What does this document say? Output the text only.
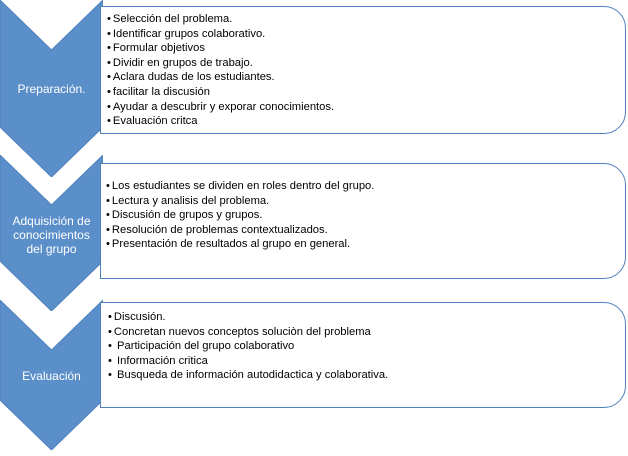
Preparación.
• Selección del problema.
• Identificar grupos colaborativo.
• Formular objetivos
• Dividir en grupos de trabajo.
• Aclara dudas de los estudiantes.
• facilitar la discusión
• Ayudar a descubrir y exporar conocimientos.
• Evaluación critca
Adquisición de
conocimientos
del grupo
• Los estudiantes se dividen en roles dentro del grupo.
• Lectura y analisis del problema.
• Discusión de grupos y grupos.
• Resolución de problemas contextualizados.
• Presentación de resultados al grupo en general.
Evaluación
• Discusión.
• Concretan nuevos conceptos soluciòn del problema
• Participación del grupo colaborativo
• Información critica
• Busqueda de información autodidactica y colaborativa.
